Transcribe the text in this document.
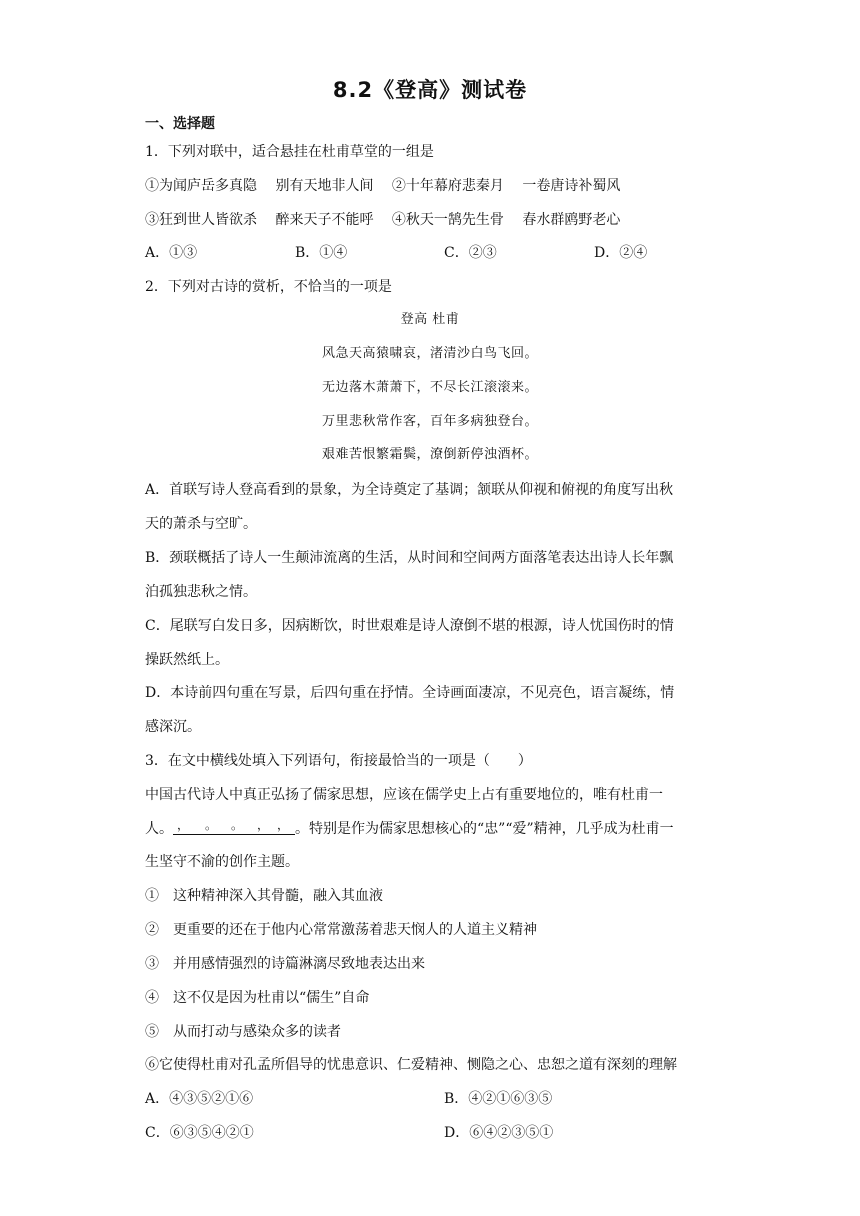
8.2《登高》测试卷
一、选择题
1．下列对联中，适合悬挂在杜甫草堂的一组是
①为闻庐岳多真隐　 别有天地非人间　 ②十年幕府悲秦月　 一卷唐诗补蜀风
③狂到世人皆欲杀　 醉来天子不能呼　 ④秋天一鹄先生骨　 春水群鸥野老心
A．①③	B．①④	C．②③	D．②④
2．下列对古诗的赏析，不恰当的一项是
登高 杜甫
风急天高猿啸哀，渚清沙白鸟飞回。
无边落木萧萧下，不尽长江滚滚来。
万里悲秋常作客，百年多病独登台。
艰难苦恨繁霜鬓，潦倒新停浊酒杯。
A．首联写诗人登高看到的景象，为全诗奠定了基调；颔联从仰视和俯视的角度写出秋
天的萧杀与空旷。
B．颈联概括了诗人一生颠沛流离的生活，从时间和空间两方面落笔表达出诗人长年飘
泊孤独悲秋之情。
C．尾联写白发日多，因病断饮，时世艰难是诗人潦倒不堪的根源，诗人忧国伤时的情
操跃然纸上。
D．本诗前四句重在写景，后四句重在抒情。全诗画面凄凉，不见亮色，语言凝练，情
感深沉。
3．在文中横线处填入下列语句，衔接最恰当的一项是（　　）
中国古代诗人中真正弘扬了儒家思想，应该在儒学史上占有重要地位的，唯有杜甫一
人。 ， 。 。 ， ， 。特别是作为儒家思想核心的“忠”“爱”精神，几乎成为杜甫一
生坚守不渝的创作主题。
①　这种精神深入其骨髓，融入其血液
②　更重要的还在于他内心常常激荡着悲天悯人的人道主义精神
③　并用感情强烈的诗篇淋漓尽致地表达出来
④　这不仅是因为杜甫以“儒生”自命
⑤　从而打动与感染众多的读者
⑥它使得杜甫对孔孟所倡导的忧患意识、仁爱精神、恻隐之心、忠恕之道有深刻的理解
A．④③⑤②①⑥	B．④②①⑥③⑤
C．⑥③⑤④②①	D．⑥④②③⑤①
